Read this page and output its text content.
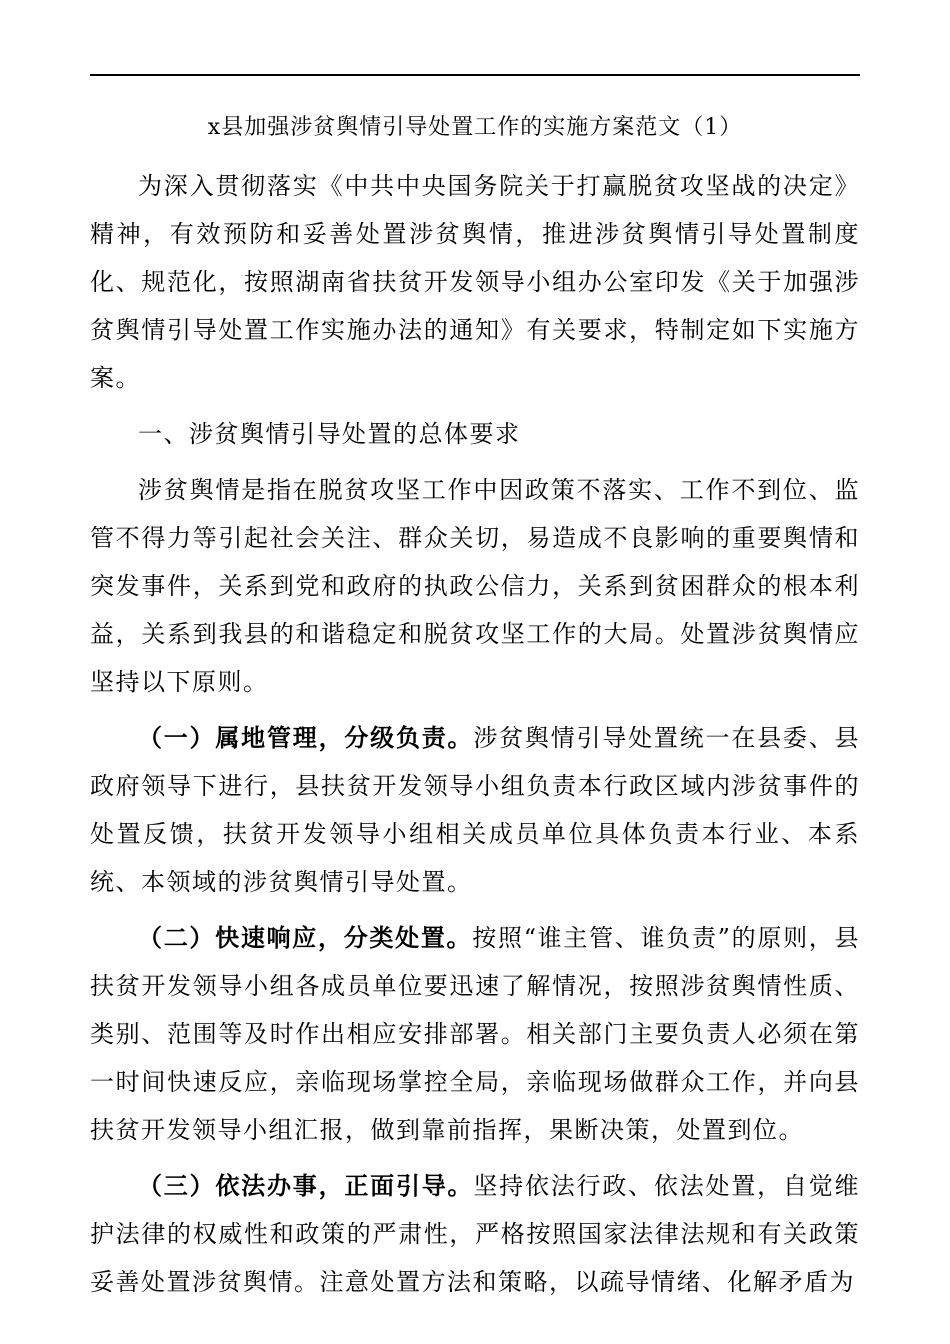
x县加强涉贫舆情引导处置工作的实施方案范文（1）

为深入贯彻落实《中共中央国务院关于打赢脱贫攻坚战的决定》精神，有效预防和妥善处置涉贫舆情，推进涉贫舆情引导处置制度化、规范化，按照湖南省扶贫开发领导小组办公室印发《关于加强涉贫舆情引导处置工作实施办法的通知》有关要求，特制定如下实施方案。

一、涉贫舆情引导处置的总体要求

涉贫舆情是指在脱贫攻坚工作中因政策不落实、工作不到位、监管不得力等引起社会关注、群众关切，易造成不良影响的重要舆情和突发事件，关系到党和政府的执政公信力，关系到贫困群众的根本利益，关系到我县的和谐稳定和脱贫攻坚工作的大局。处置涉贫舆情应坚持以下原则。

（一）属地管理，分级负责。涉贫舆情引导处置统一在县委、县政府领导下进行，县扶贫开发领导小组负责本行政区域内涉贫事件的处置反馈，扶贫开发领导小组相关成员单位具体负责本行业、本系统、本领域的涉贫舆情引导处置。

（二）快速响应，分类处置。按照“谁主管、谁负责”的原则，县扶贫开发领导小组各成员单位要迅速了解情况，按照涉贫舆情性质、类别、范围等及时作出相应安排部署。相关部门主要负责人必须在第一时间快速反应，亲临现场掌控全局，亲临现场做群众工作，并向县扶贫开发领导小组汇报，做到靠前指挥，果断决策，处置到位。

（三）依法办事，正面引导。坚持依法行政、依法处置，自觉维护法律的权威性和政策的严肃性，严格按照国家法律法规和有关政策妥善处置涉贫舆情。注意处置方法和策略，以疏导情绪、化解矛盾为
